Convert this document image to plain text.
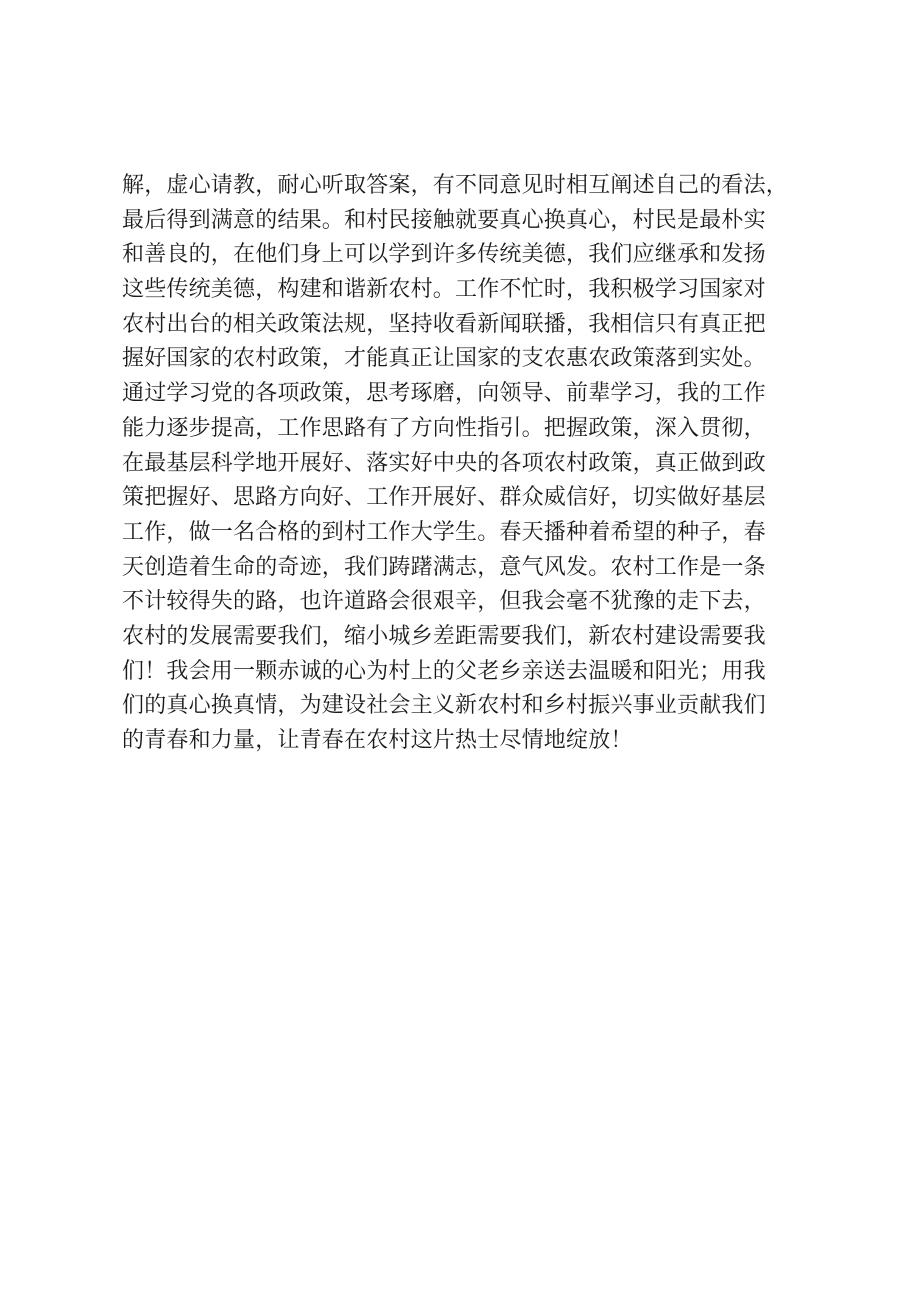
解，虚心请教，耐心听取答案，有不同意见时相互阐述自己的看法，
最后得到满意的结果。和村民接触就要真心换真心，村民是最朴实
和善良的，在他们身上可以学到许多传统美德，我们应继承和发扬
这些传统美德，构建和谐新农村。工作不忙时，我积极学习国家对
农村出台的相关政策法规，坚持收看新闻联播，我相信只有真正把
握好国家的农村政策，才能真正让国家的支农惠农政策落到实处。
通过学习党的各项政策，思考琢磨，向领导、前辈学习，我的工作
能力逐步提高，工作思路有了方向性指引。把握政策，深入贯彻，
在最基层科学地开展好、落实好中央的各项农村政策，真正做到政
策把握好、思路方向好、工作开展好、群众威信好，切实做好基层
工作，做一名合格的到村工作大学生。春天播种着希望的种子，春
天创造着生命的奇迹，我们踌躇满志，意气风发。农村工作是一条
不计较得失的路，也许道路会很艰辛，但我会毫不犹豫的走下去，
农村的发展需要我们，缩小城乡差距需要我们，新农村建设需要我
们！我会用一颗赤诚的心为村上的父老乡亲送去温暖和阳光；用我
们的真心换真情，为建设社会主义新农村和乡村振兴事业贡献我们
的青春和力量，让青春在农村这片热士尽情地绽放！
